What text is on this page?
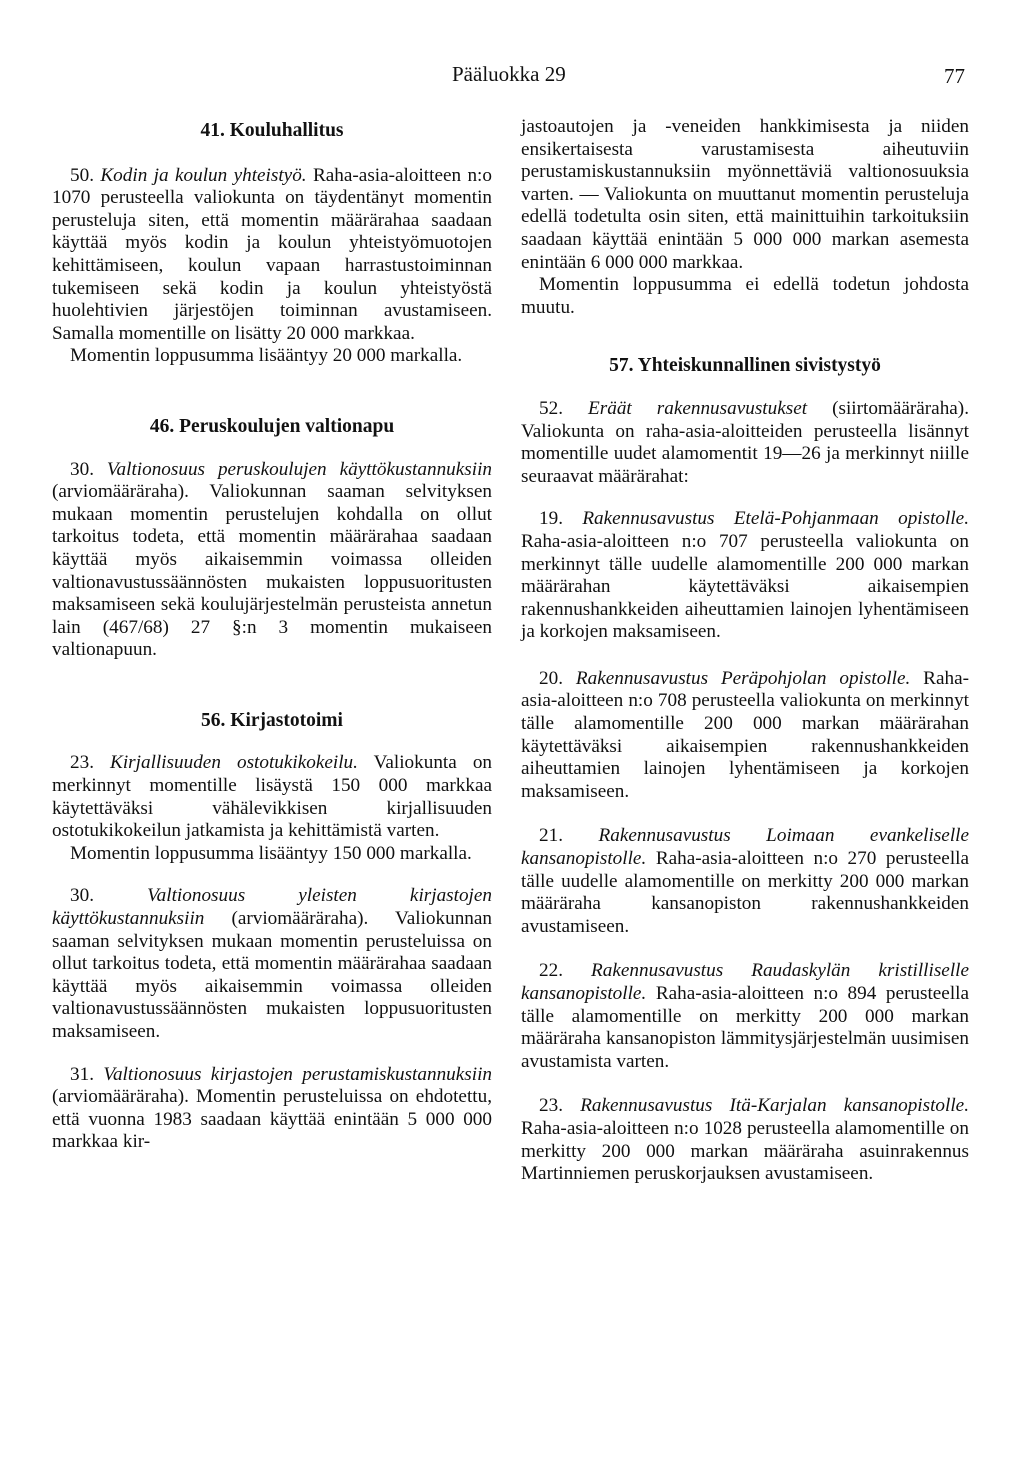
Pääluokka 29	77

41. Kouluhallitus

50. Kodin ja koulun yhteistyö. Raha-asia-aloitteen n:o 1070 perusteella valiokunta on täydentänyt momentin perusteluja siten, että momentin määrärahaa saadaan käyttää myös kodin ja koulun yhteistyömuotojen kehittämiseen, koulun vapaan harrastustoiminnan tukemiseen sekä kodin ja koulun yhteistyöstä huolehtivien järjestöjen toiminnan avustamiseen. Samalla momentille on lisätty 20 000 markkaa.

Momentin loppusumma lisääntyy 20 000 markalla.

46. Peruskoulujen valtionapu

30. Valtionosuus peruskoulujen käyttökustannuksiin (arviomääräraha). Valiokunnan saaman selvityksen mukaan momentin perustelujen kohdalla on ollut tarkoitus todeta, että momentin määrärahaa saadaan käyttää myös aikaisemmin voimassa olleiden valtionavustussäännösten mukaisten loppusuoritusten maksamiseen sekä koulujärjestelmän perusteista annetun lain (467/68) 27 §:n 3 momentin mukaiseen valtionapuun.

56. Kirjastotoimi

23. Kirjallisuuden ostotukikokeilu. Valiokunta on merkinnyt momentille lisäystä 150 000 markkaa käytettäväksi vähälevikkisen kirjallisuuden ostotukikokeilun jatkamista ja kehittämistä varten.

Momentin loppusumma lisääntyy 150 000 markalla.

30.	Valtionosuus yleisten kirjastojen käyttökustannuksiin (arviomääräraha). Valiokunnan saaman selvityksen mukaan momentin perusteluissa on ollut tarkoitus todeta, että momentin määrärahaa saadaan käyttää myös aikaisemmin voimassa olleiden valtionavustussäännösten mukaisten loppusuoritusten maksamiseen.

31. Valtionosuus kirjastojen perustamiskustannuksiin (arviomääräraha). Momentin perusteluissa on ehdotettu, että vuonna 1983 saadaan käyttää enintään 5 000 000 markkaa kir-

jastoautojen ja -veneiden hankkimisesta ja niiden ensikertaisesta varustamisesta aiheutuviin perustamiskustannuksiin myönnettäviä valtionosuuksia varten. — Valiokunta on muuttanut momentin perusteluja edellä todetulta osin siten, että mainittuihin tarkoituksiin saadaan käyttää enintään 5 000 000 markan asemesta enintään 6 000 000 markkaa.

Momentin loppusumma ei edellä todetun johdosta muutu.

57. Yhteiskunnallinen sivistystyö

52. Eräät rakennusavustukset (siirtomääräraha). Valiokunta on raha-asia-aloitteiden perusteella lisännyt momentille uudet alamomentit 19—26 ja merkinnyt niille seuraavat määrärahat:

19. Rakennusavustus Etelä-Pohjanmaan opistolle. Raha-asia-aloitteen n:o 707 perusteella valiokunta on merkinnyt tälle uudelle alamomentille 200 000 markan määrärahan käytettäväksi aikaisempien rakennushankkeiden aiheuttamien lainojen lyhentämiseen ja korkojen maksamiseen.

20. Rakennusavustus Peräpohjolan opistolle. Raha-asia-aloitteen n:o 708 perusteella valiokunta on merkinnyt tälle alamomentille 200 000 markan määrärahan käytettäväksi aikaisempien rakennushankkeiden aiheuttamien lainojen lyhentämiseen ja korkojen maksamiseen.

21. Rakennusavustus Loimaan evankeliselle kansanopistolle. Raha-asia-aloitteen n:o 270 perusteella tälle uudelle alamomentille on merkitty 200 000 markan määräraha kansanopiston rakennushankkeiden avustamiseen.

22. Rakennusavustus Raudaskylän kristilliselle kansanopistolle. Raha-asia-aloitteen n:o 894 perusteella tälle alamomentille on merkitty 200 000 markan määräraha kansanopiston lämmitysjärjestelmän uusimisen avustamista varten.

23. Rakennusavustus Itä-Karjalan kansanopistolle. Raha-asia-aloitteen n:o 1028 perusteella alamomentille on merkitty 200 000 markan määräraha asuinrakennus Martinniemen peruskorjauksen avustamiseen.
